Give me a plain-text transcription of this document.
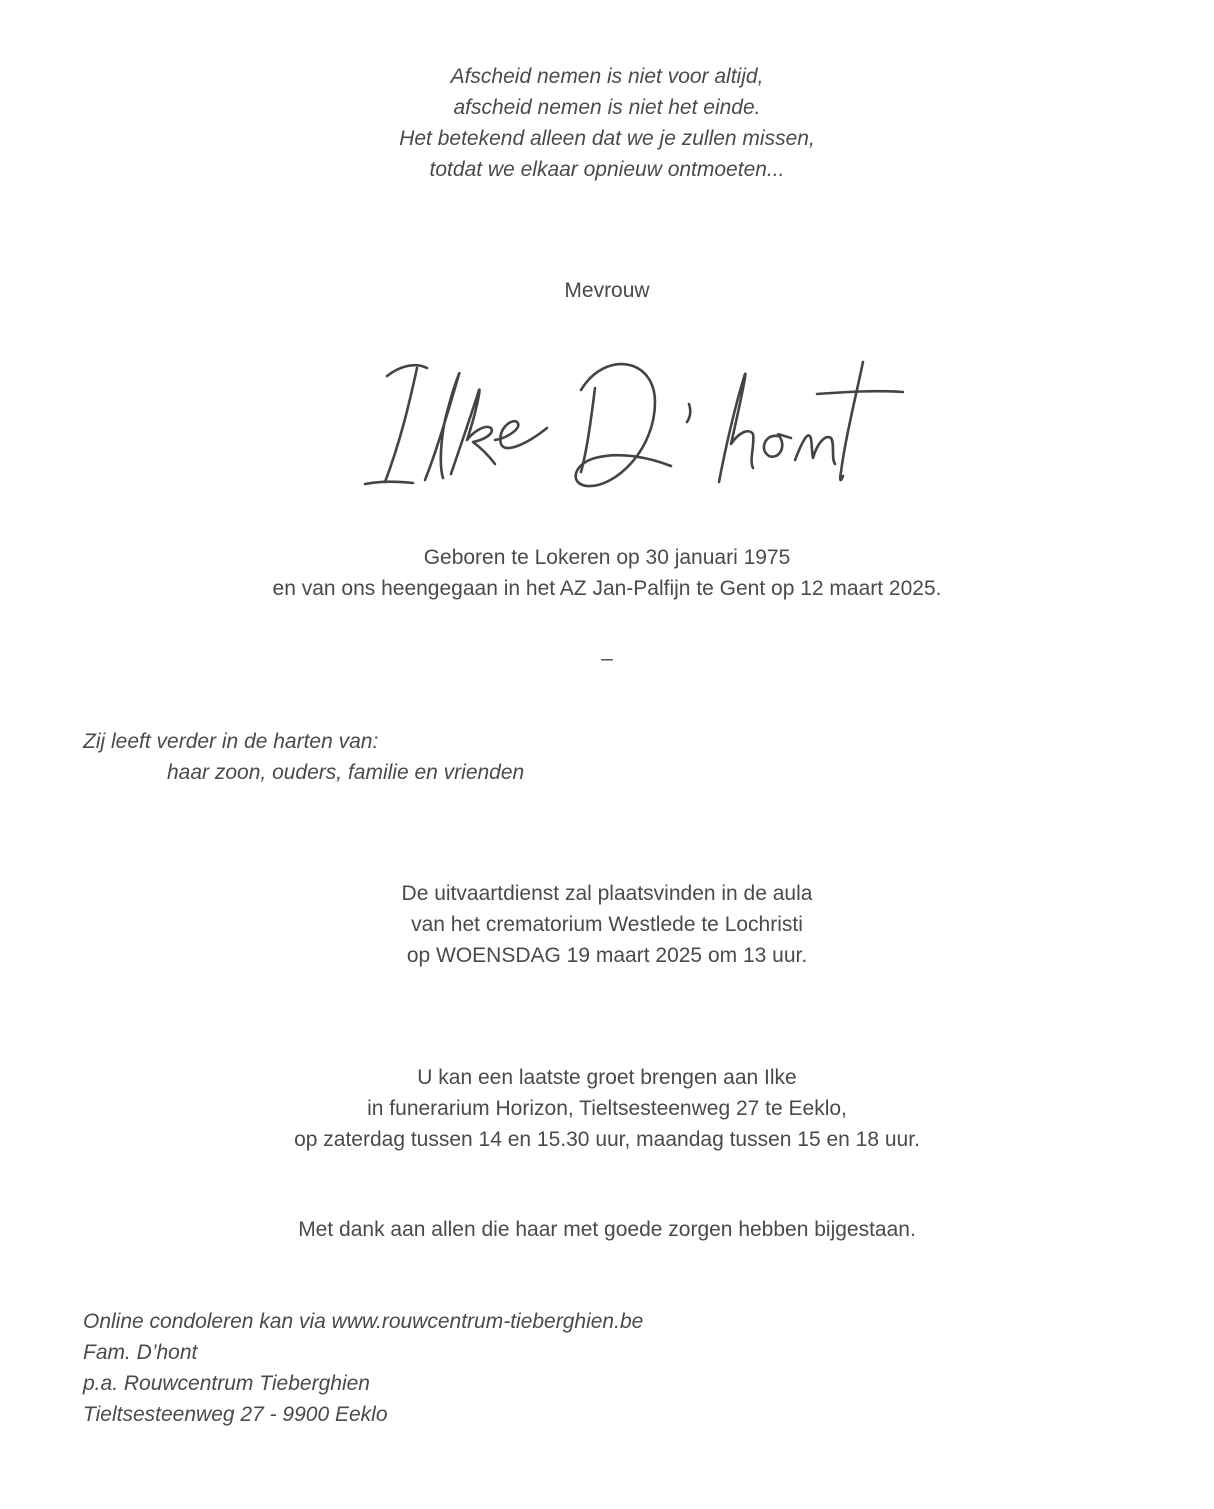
Afscheid nemen is niet voor altijd,
afscheid nemen is niet het einde.
Het betekend alleen dat we je zullen missen,
totdat we elkaar opnieuw ontmoeten...
Mevrouw
Geboren te Lokeren op 30 januari 1975
en van ons heengegaan in het AZ Jan-Palfijn te Gent op 12 maart 2025.
–
Zij leeft verder in de harten van:
haar zoon, ouders, familie en vrienden
De uitvaartdienst zal plaatsvinden in de aula
van het crematorium Westlede te Lochristi
op WOENSDAG 19 maart 2025 om 13 uur.
U kan een laatste groet brengen aan Ilke
in funerarium Horizon, Tieltsesteenweg 27 te Eeklo,
op zaterdag tussen 14 en 15.30 uur, maandag tussen 15 en 18 uur.
Met dank aan allen die haar met goede zorgen hebben bijgestaan.
Online condoleren kan via www.rouwcentrum-tieberghien.be
Fam. D’hont
p.a. Rouwcentrum Tieberghien
Tieltsesteenweg 27 - 9900 Eeklo
